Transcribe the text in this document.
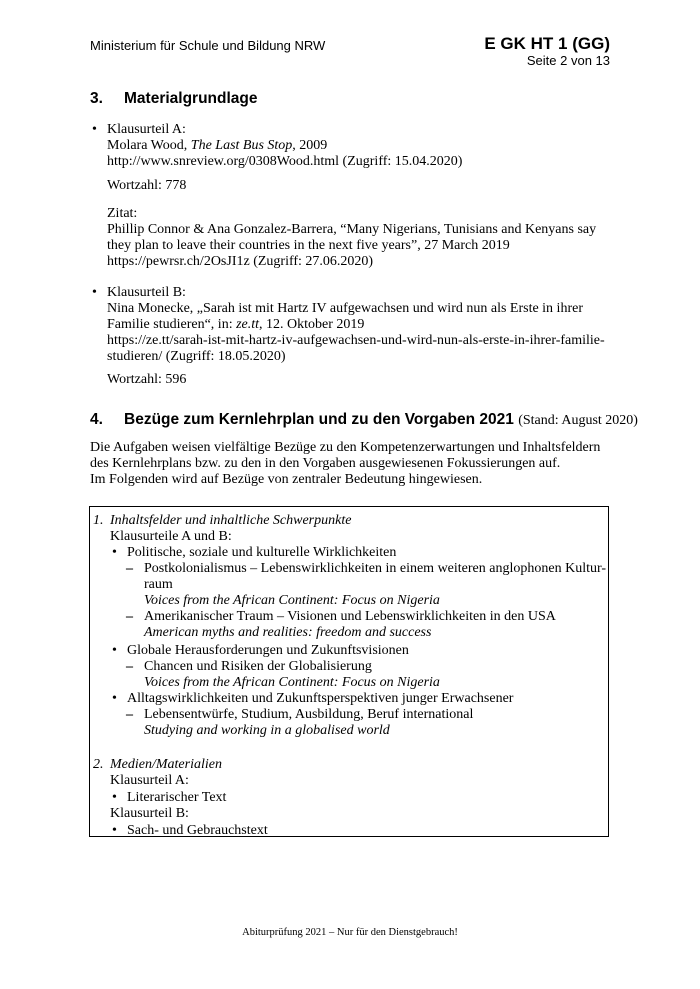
Ministerium für Schule und Bildung NRW	E GK HT 1 (GG)
Seite 2 von 13
3. Materialgrundlage
• Klausurteil A:
Molara Wood, The Last Bus Stop, 2009
http://www.snreview.org/0308Wood.html (Zugriff: 15.04.2020)
Wortzahl: 778
Zitat:
Phillip Connor & Ana Gonzalez-Barrera, “Many Nigerians, Tunisians and Kenyans say
they plan to leave their countries in the next five years”, 27 March 2019
https://pewrsr.ch/2OsJI1z (Zugriff: 27.06.2020)
• Klausurteil B:
Nina Monecke, „Sarah ist mit Hartz IV aufgewachsen und wird nun als Erste in ihrer
Familie studieren“, in: ze.tt, 12. Oktober 2019
https://ze.tt/sarah-ist-mit-hartz-iv-aufgewachsen-und-wird-nun-als-erste-in-ihrer-familie-
studieren/ (Zugriff: 18.05.2020)
Wortzahl: 596
4. Bezüge zum Kernlehrplan und zu den Vorgaben 2021 (Stand: August 2020)
Die Aufgaben weisen vielfältige Bezüge zu den Kompetenzerwartungen und Inhaltsfeldern
des Kernlehrplans bzw. zu den in den Vorgaben ausgewiesenen Fokussierungen auf.
Im Folgenden wird auf Bezüge von zentraler Bedeutung hingewiesen.
1. Inhaltsfelder und inhaltliche Schwerpunkte
Klausurteile A und B:
• Politische, soziale und kulturelle Wirklichkeiten
– Postkolonialismus – Lebenswirklichkeiten in einem weiteren anglophonen Kultur-
raum
Voices from the African Continent: Focus on Nigeria
– Amerikanischer Traum – Visionen und Lebenswirklichkeiten in den USA
American myths and realities: freedom and success
• Globale Herausforderungen und Zukunftsvisionen
– Chancen und Risiken der Globalisierung
Voices from the African Continent: Focus on Nigeria
• Alltagswirklichkeiten und Zukunftsperspektiven junger Erwachsener
– Lebensentwürfe, Studium, Ausbildung, Beruf international
Studying and working in a globalised world
2. Medien/Materialien
Klausurteil A:
• Literarischer Text
Klausurteil B:
• Sach- und Gebrauchstext
Abiturprüfung 2021 – Nur für den Dienstgebrauch!
